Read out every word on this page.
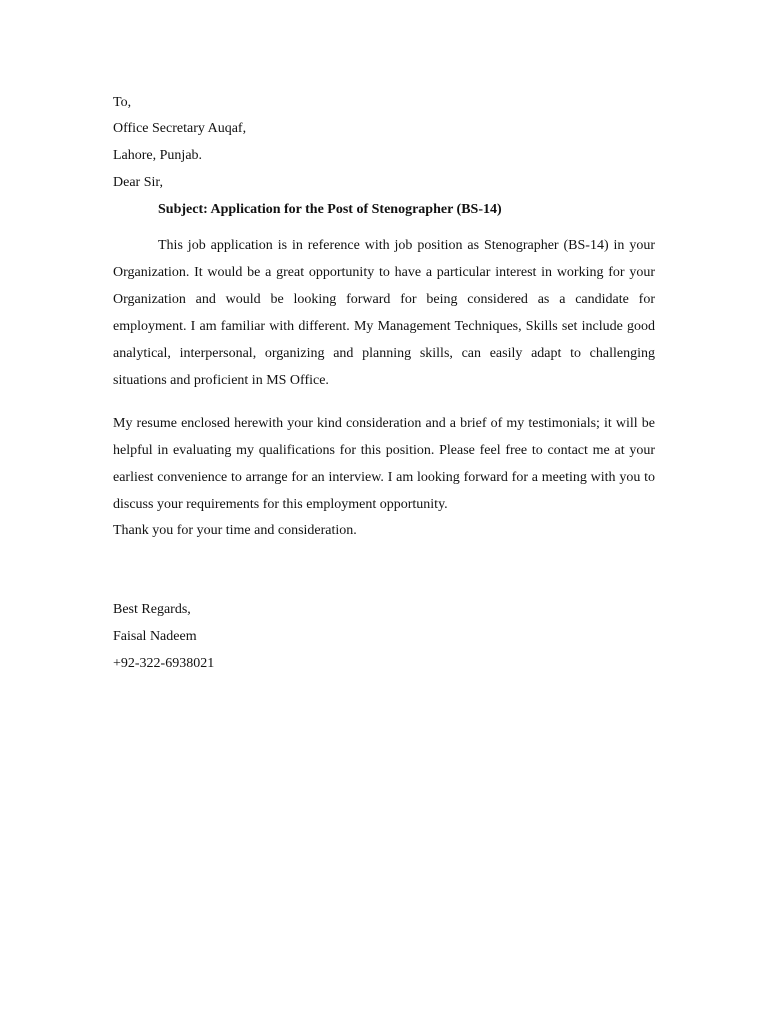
To,
Office Secretary Auqaf,
Lahore, Punjab.
Dear Sir,
Subject: Application for the Post of Stenographer (BS-14)

This job application is in reference with job position as Stenographer (BS-14) in your Organization. It would be a great opportunity to have a particular interest in working for your Organization and would be looking forward for being considered as a candidate for employment. I am familiar with different. My Management Techniques, Skills set include good analytical, interpersonal, organizing and planning skills, can easily adapt to challenging situations and proficient in MS Office.

My resume enclosed herewith your kind consideration and a brief of my testimonials; it will be helpful in evaluating my qualifications for this position. Please feel free to contact me at your earliest convenience to arrange for an interview. I am looking forward for a meeting with you to discuss your requirements for this employment opportunity.

Thank you for your time and consideration.
Best Regards,
Faisal Nadeem
+92-322-6938021
